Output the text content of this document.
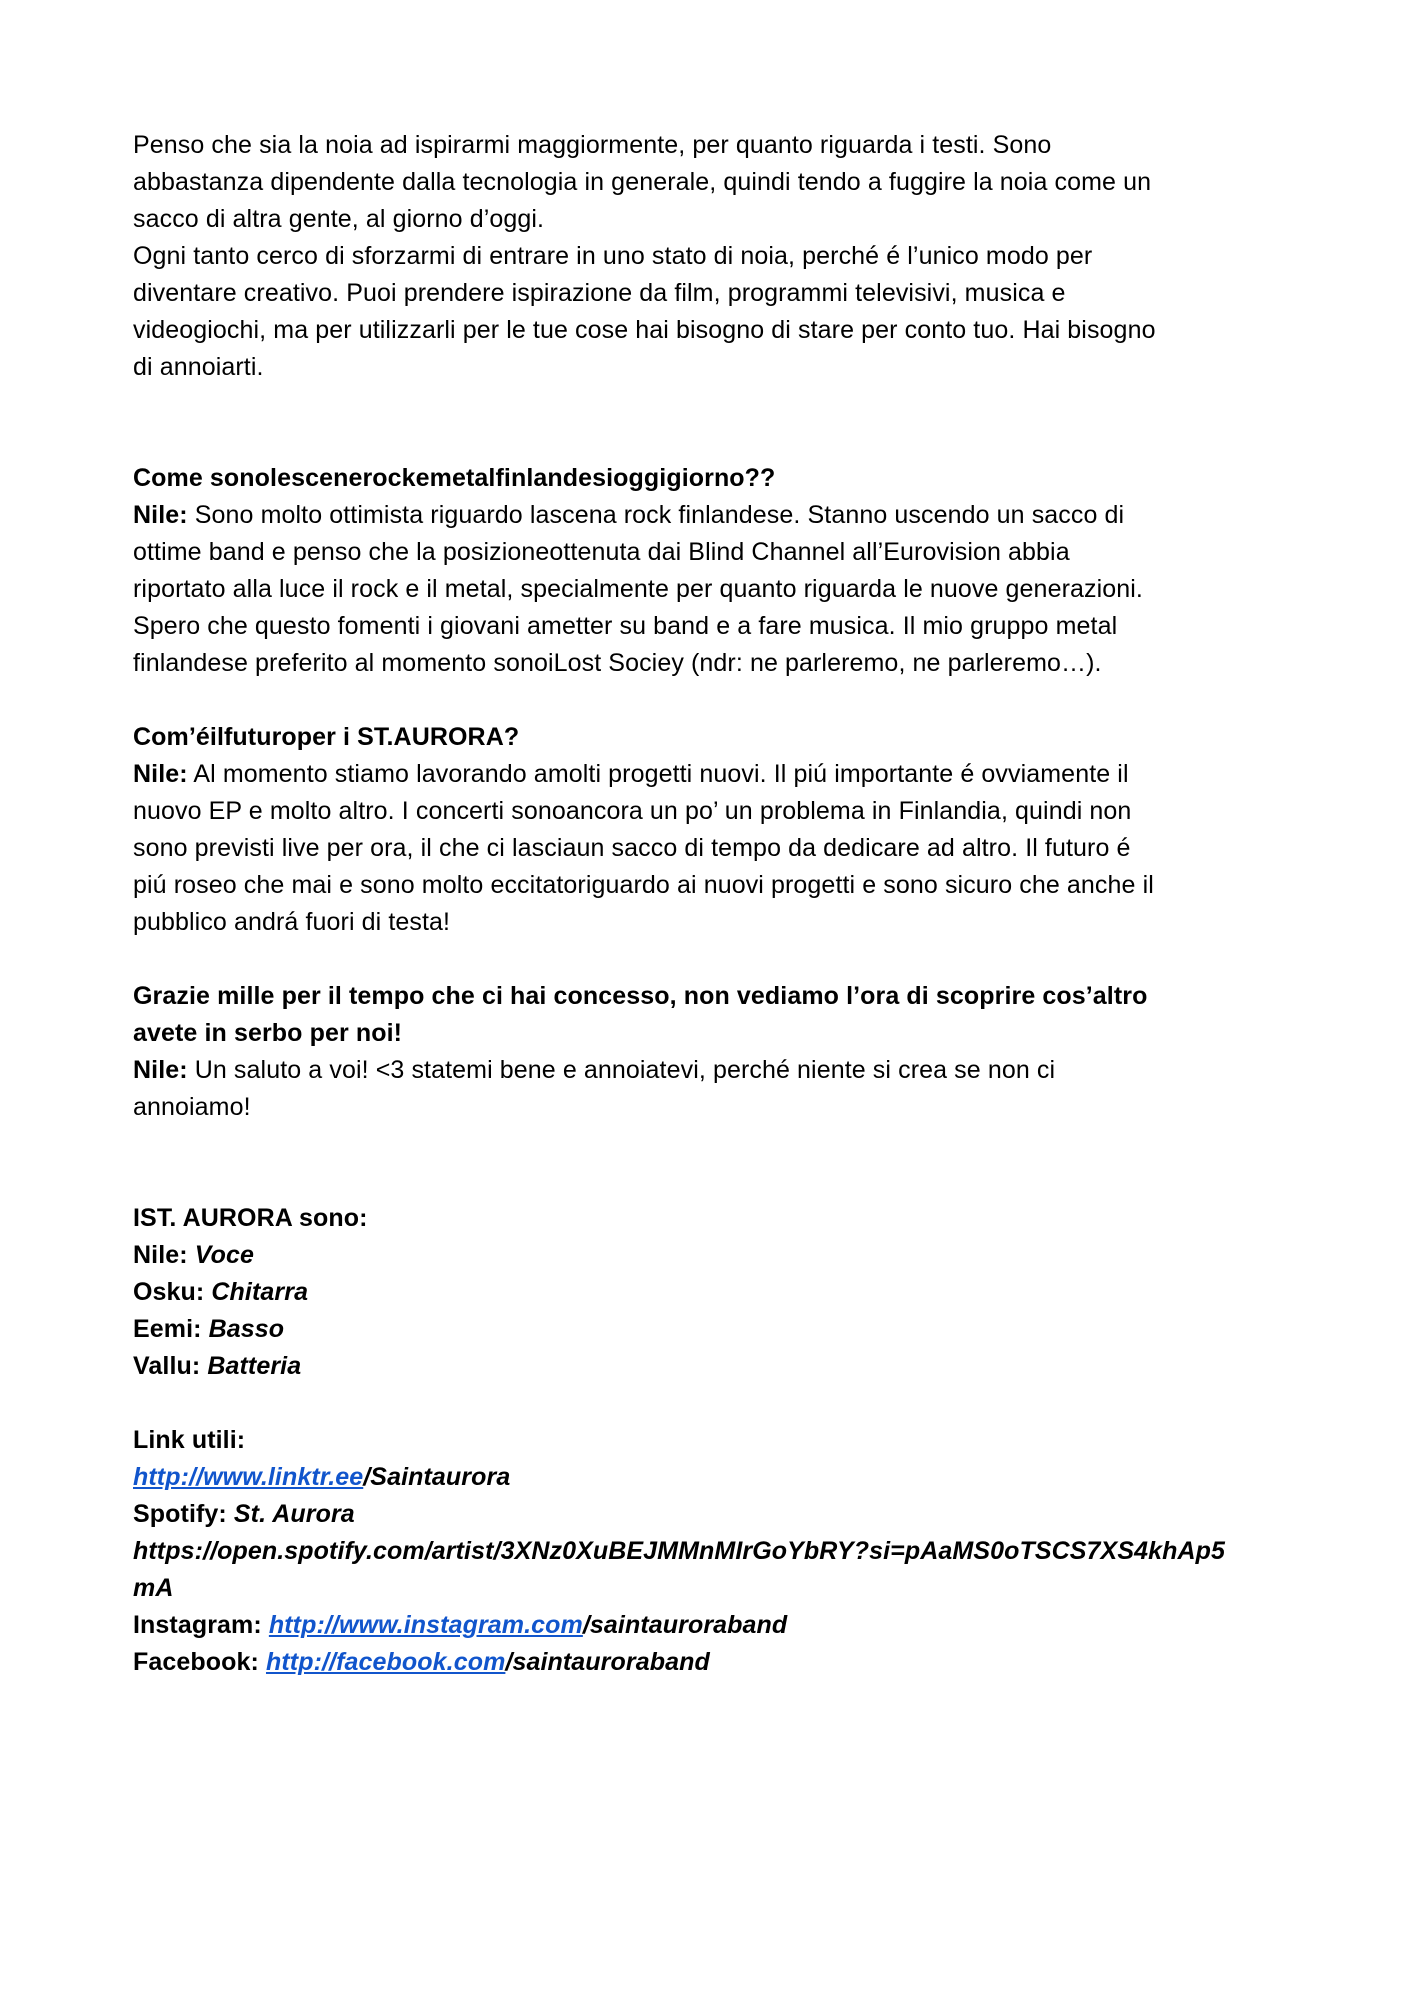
Penso che sia la noia ad ispirarmi maggiormente, per quanto riguarda i testi. Sono
abbastanza dipendente dalla tecnologia in generale, quindi tendo a fuggire la noia come un
sacco di altra gente, al giorno d’oggi.
Ogni tanto cerco di sforzarmi di entrare in uno stato di noia, perché é l’unico modo per
diventare creativo. Puoi prendere ispirazione da film, programmi televisivi, musica e
videogiochi, ma per utilizzarli per le tue cose hai bisogno di stare per conto tuo. Hai bisogno
di annoiarti.

Come sonolescenerockemetalfinlandesioggigiorno??
Nile: Sono molto ottimista riguardo lascena rock finlandese. Stanno uscendo un sacco di
ottime band e penso che la posizioneottenuta dai Blind Channel all’Eurovision abbia
riportato alla luce il rock e il metal, specialmente per quanto riguarda le nuove generazioni.
Spero che questo fomenti i giovani ametter su band e a fare musica. Il mio gruppo metal
finlandese preferito al momento sonoiLost Sociey (ndr: ne parleremo, ne parleremo…).

Com’éilfuturoper i ST.AURORA?
Nile: Al momento stiamo lavorando amolti progetti nuovi. Il piú importante é ovviamente il
nuovo EP e molto altro. I concerti sonoancora un po’ un problema in Finlandia, quindi non
sono previsti live per ora, il che ci lasciaun sacco di tempo da dedicare ad altro. Il futuro é
piú roseo che mai e sono molto eccitatoriguardo ai nuovi progetti e sono sicuro che anche il
pubblico andrá fuori di testa!

Grazie mille per il tempo che ci hai concesso, non vediamo l’ora di scoprire cos’altro
avete in serbo per noi!
Nile: Un saluto a voi! <3 statemi bene e annoiatevi, perché niente si crea se non ci
annoiamo!

IST. AURORA sono:
Nile: Voce
Osku: Chitarra
Eemi: Basso
Vallu: Batteria

Link utili:
http://www.linktr.ee/Saintaurora
Spotify: St. Aurora
https://open.spotify.com/artist/3XNz0XuBEJMMnMIrGoYbRY?si=pAaMS0oTSCS7XS4khAp5
mA
Instagram: http://www.instagram.com/saintauroraband
Facebook: http://facebook.com/saintauroraband
